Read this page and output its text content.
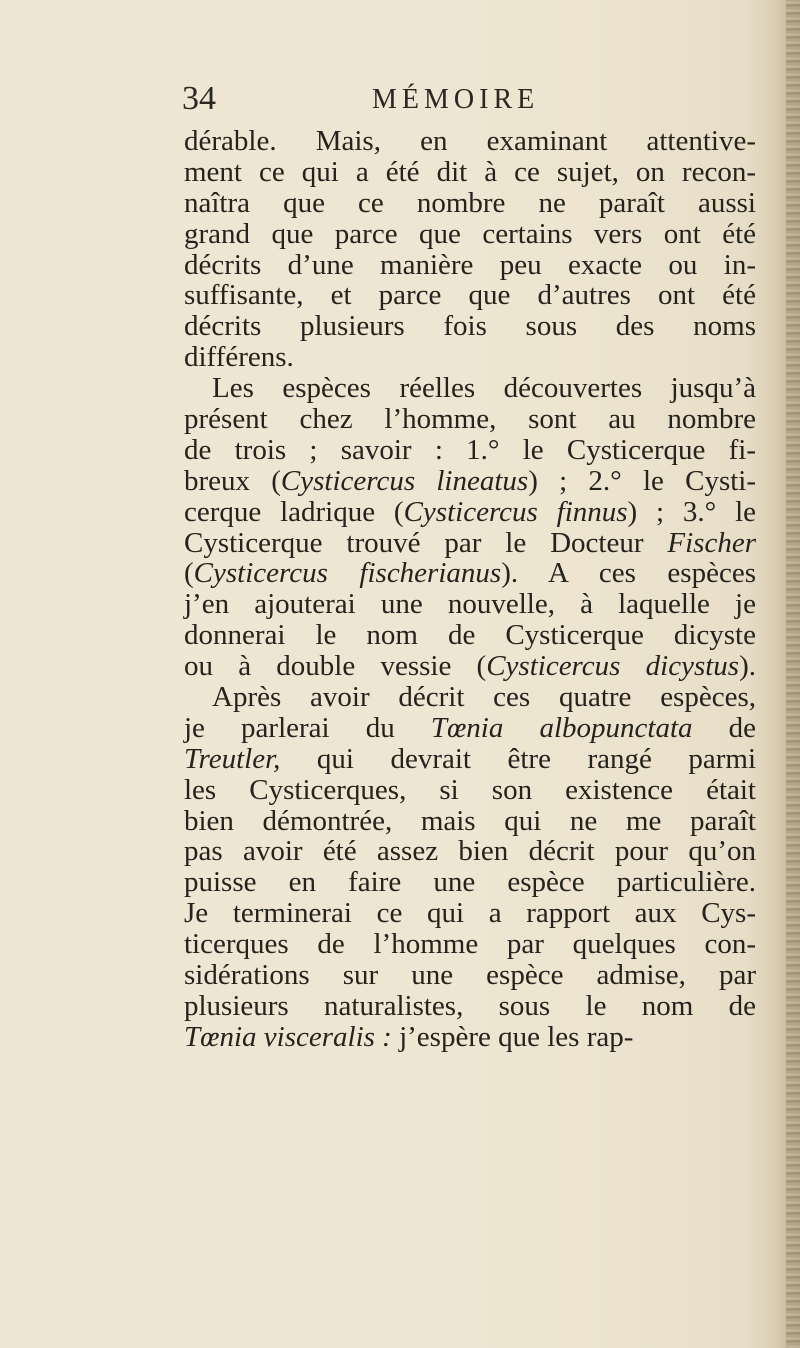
34	MÉMOIRE
dérable. Mais, en examinant attentive-
ment ce qui a été dit à ce sujet, on recon-
naîtra que ce nombre ne paraît aussi
grand que parce que certains vers ont été
décrits d’une manière peu exacte ou in-
suffisante, et parce que d’autres ont été
décrits plusieurs fois sous des noms
différens.
Les espèces réelles découvertes jusqu’à
présent chez l’homme, sont au nombre
de trois ; savoir : 1.° le Cysticerque fi-
breux (Cysticercus lineatus) ; 2.° le Cysti-
cerque ladrique (Cysticercus finnus) ; 3.° le
Cysticerque trouvé par le Docteur Fischer
(Cysticercus fischerianus). A ces espèces
j’en ajouterai une nouvelle, à laquelle je
donnerai le nom de Cysticerque dicyste
ou à double vessie (Cysticercus dicystus).
Après avoir décrit ces quatre espèces,
je parlerai du Tœnia albopunctata de
Treutler, qui devrait être rangé parmi
les Cysticerques, si son existence était
bien démontrée, mais qui ne me paraît
pas avoir été assez bien décrit pour qu’on
puisse en faire une espèce particulière.
Je terminerai ce qui a rapport aux Cys-
ticerques de l’homme par quelques con-
sidérations sur une espèce admise, par
plusieurs naturalistes, sous le nom de
Tœnia visceralis : j’espère que les rap-
